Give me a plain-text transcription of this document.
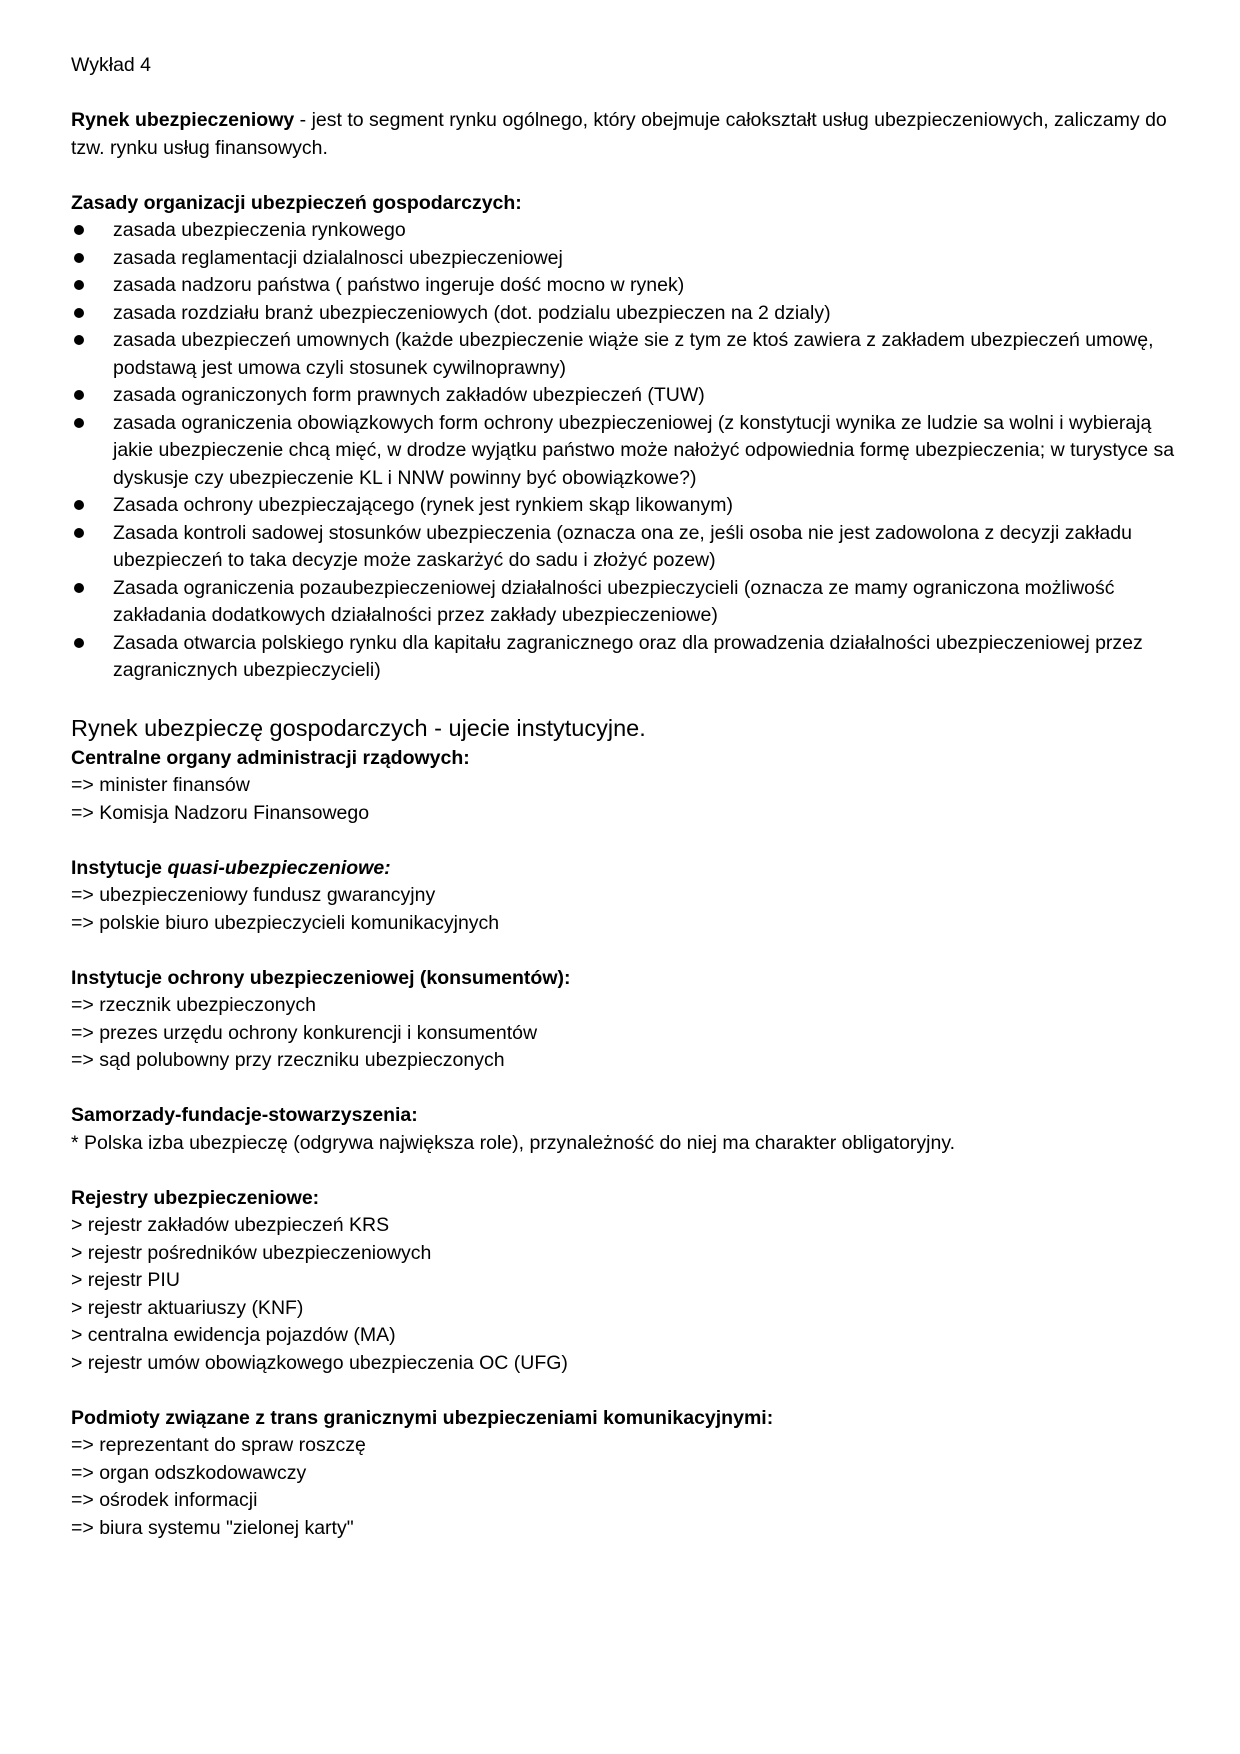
Wykład 4

Rynek ubezpieczeniowy - jest to segment rynku ogólnego, który obejmuje całokształt usług ubezpieczeniowych, zaliczamy do tzw. rynku usług finansowych.

Zasady organizacji ubezpieczeń gospodarczych:

zasada ubezpieczenia rynkowego
zasada reglamentacji dzialalnosci ubezpieczeniowej
zasada nadzoru państwa ( państwo ingeruje dość mocno w rynek)
zasada rozdziału branż ubezpieczeniowych (dot. podzialu ubezpieczen na 2 dzialy)
zasada ubezpieczeń umownych (każde ubezpieczenie wiąże sie z tym ze ktoś zawiera z zakładem ubezpieczeń umowę, podstawą jest umowa czyli stosunek cywilnoprawny)
zasada ograniczonych form prawnych zakładów ubezpieczeń (TUW)
zasada ograniczenia obowiązkowych form ochrony ubezpieczeniowej (z konstytucji wynika ze ludzie sa wolni i wybierają jakie ubezpieczenie chcą mięć, w drodze wyjątku państwo może nałożyć odpowiednia formę ubezpieczenia; w turystyce sa dyskusje czy ubezpieczenie KL i NNW powinny być obowiązkowe?)
Zasada ochrony ubezpieczającego (rynek jest rynkiem skąp likowanym)
Zasada kontroli sadowej stosunków ubezpieczenia (oznacza ona ze, jeśli osoba nie jest zadowolona z decyzji zakładu ubezpieczeń to taka decyzje może zaskarżyć do sadu i złożyć pozew)
Zasada ograniczenia pozaubezpieczeniowej działalności ubezpieczycieli (oznacza ze mamy ograniczona możliwość zakładania dodatkowych działalności przez zakłady ubezpieczeniowe)
Zasada otwarcia polskiego rynku dla kapitału zagranicznego oraz dla prowadzenia działalności ubezpieczeniowej przez zagranicznych ubezpieczycieli)
Rynek ubezpieczę gospodarczych - ujecie instytucyjne.

Centralne organy administracji rządowych:

=> minister finansów

=> Komisja Nadzoru Finansowego

Instytucje quasi-ubezpieczeniowe:

=> ubezpieczeniowy fundusz gwarancyjny

=> polskie biuro ubezpieczycieli komunikacyjnych

Instytucje ochrony ubezpieczeniowej (konsumentów):

=> rzecznik ubezpieczonych

=> prezes urzędu ochrony konkurencji i konsumentów

=> sąd polubowny przy rzeczniku ubezpieczonych

Samorzady-fundacje-stowarzyszenia:

* Polska izba ubezpieczę (odgrywa największa role), przynależność do niej ma charakter obligatoryjny.

Rejestry ubezpieczeniowe:

> rejestr zakładów ubezpieczeń KRS

> rejestr pośredników ubezpieczeniowych

> rejestr PIU

> rejestr aktuariuszy (KNF)

> centralna ewidencja pojazdów (MA)

> rejestr umów obowiązkowego ubezpieczenia OC (UFG)

Podmioty związane z trans granicznymi ubezpieczeniami komunikacyjnymi:

=> reprezentant do spraw roszczę

=> organ odszkodowawczy

=> ośrodek informacji

=> biura systemu "zielonej karty"
